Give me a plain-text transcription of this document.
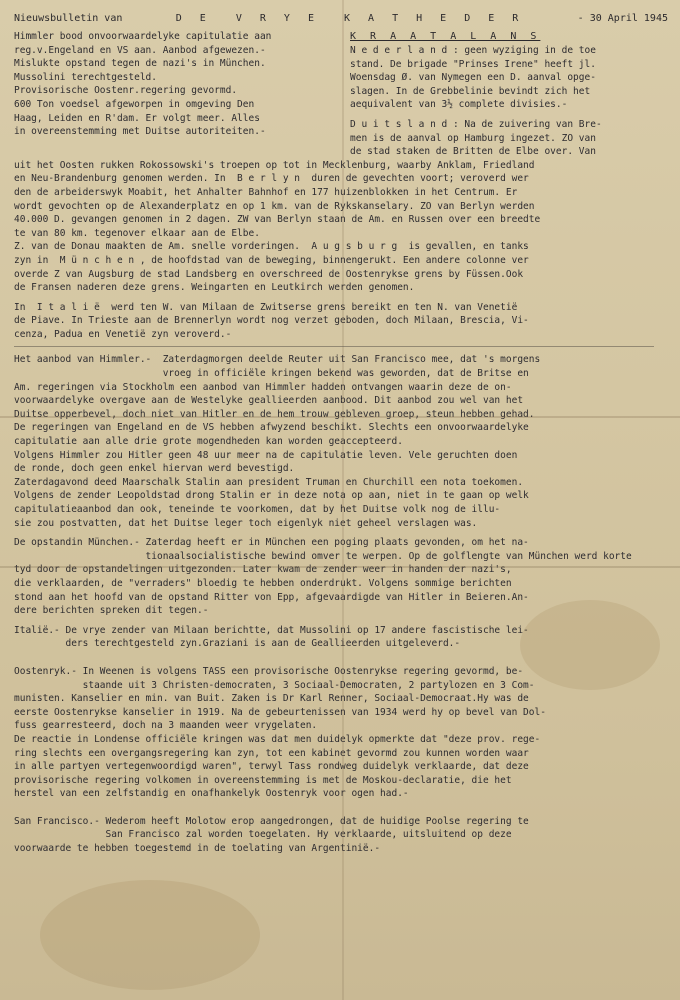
Nieuwsbulletin van	D E  V R Y E  K A T H E D E R	- 30 April 1945
Himmler bood onvoorwaardelyke capitulatie aan
reg.v.Engeland en VS aan. Aanbod afgewezen.-
Mislukte opstand tegen de nazi's in München.
Mussolini terechtgesteld.
Provisorische Oostenr.regering gevormd.
600 Ton voedsel afgeworpen in omgeving Den
Haag, Leiden en R'dam. Er volgt meer. Alles
in overeenstemming met Duitse autoriteiten.-
K R A A T A L A N S
N e d e r l a n d : geen wyziging in de toe
stand. De brigade "Prinses Irene" heeft jl.
Woensdag Ø. van Nymegen een D. aanval opge-
slagen. In de Grebbelinie bevindt zich het
aequivalent van 3½ complete divisies.-
D u i t s l a n d : Na de zuivering van Bre-
men is de aanval op Hamburg ingezet. ZO van
de stad staken de Britten de Elbe over. Van
uit het Oosten rukken Rokossowski's troepen op tot in Mecklenburg, waarby Anklam, Friedland
en Neu-Brandenburg genomen werden. In  B e r l y n  duren de gevechten voort; veroverd wer
den de arbeiderswyk Moabit, het Anhalter Bahnhof en 177 huizenblokken in het Centrum. Er
wordt gevochten op de Alexanderplatz en op 1 km. van de Rykskanselary. ZO van Berlyn werden
40.000 D. gevangen genomen in 2 dagen. ZW van Berlyn staan de Am. en Russen over een breedte
te van 80 km. tegenover elkaar aan de Elbe.
Z. van de Donau maakten de Am. snelle vorderingen.  A u g s b u r g  is gevallen, en tanks
zyn in  M ü n c h e n , de hoofdstad van de beweging, binnengerukt. Een andere colonne ver
overde Z van Augsburg de stad Landsberg en overschreed de Oostenrykse grens by Füssen.Ook
de Fransen naderen deze grens. Weingarten en Leutkirch werden genomen.
In  I t a l i ë  werd ten W. van Milaan de Zwitserse grens bereikt en ten N. van Venetië
de Piave. In Trieste aan de Brennerlyn wordt nog verzet geboden, doch Milaan, Brescia, Vi-
cenza, Padua en Venetië zyn veroverd.-
Het aanbod van Himmler.-  Zaterdagmorgen deelde Reuter uit San Francisco mee, dat 's morgens
vroeg in officiële kringen bekend was geworden, dat de Britse en
Am. regeringen via Stockholm een aanbod van Himmler hadden ontvangen waarin deze de on-
voorwaardelyke overgave aan de Westelyke geallieerden aanbood. Dit aanbod zou wel van het
Duitse opperbevel, doch niet van Hitler en de hem trouw gebleven groep, steun hebben gehad.
De regeringen van Engeland en de VS hebben afwyzend beschikt. Slechts een onvoorwaardelyke
capitulatie aan alle drie grote mogendheden kan worden geaccepteerd.
Volgens Himmler zou Hitler geen 48 uur meer na de capitulatie leven. Vele geruchten doen
de ronde, doch geen enkel hiervan werd bevestigd.
Zaterdagavond deed Maarschalk Stalin aan president Truman en Churchill een nota toekomen.
Volgens de zender Leopoldstad drong Stalin er in deze nota op aan, niet in te gaan op welk
capitulatieaanbod dan ook, teneinde te voorkomen, dat by het Duitse volk nog de illu-
sie zou postvatten, dat het Duitse leger toch eigenlyk niet geheel verslagen was.
De opstandin München.- Zaterdag heeft er in München een poging plaats gevonden, om het na-
tionaalsocialistische bewind omver te werpen. Op de golflengte van München werd korte
tyd door de opstandelingen uitgezonden. Later kwam de zender weer in handen der nazi's,
die verklaarden, de "verraders" bloedig te hebben onderdrukt. Volgens sommige berichten
stond aan het hoofd van de opstand Ritter von Epp, afgevaardigde van Hitler in Beieren.An-
dere berichten spreken dit tegen.-
Italië.- De vrye zender van Milaan berichtte, dat Mussolini op 17 andere fascistische lei-
ders terechtgesteld zyn.Graziani is aan de Geallieerden uitgeleverd.-
Oostenryk.- In Weenen is volgens TASS een provisorische Oostenrykse regering gevormd, be-
staande uit 3 Christen-democraten, 3 Sociaal-Democraten, 2 partylozen en 3 Com-
munisten. Kanselier en min. van Buit. Zaken is Dr Karl Renner, Sociaal-Democraat.Hy was de
eerste Oostenrykse kanselier in 1919. Na de gebeurtenissen van 1934 werd hy op bevel van Dol-
fuss gearresteerd, doch na 3 maanden weer vrygelaten.
De reactie in Londense officiële kringen was dat men duidelyk opmerkte dat "deze prov. rege-
ring slechts een overgangsregering kan zyn, tot een kabinet gevormd zou kunnen worden waar
in alle partyen vertegenwoordigd waren", terwyl Tass rondweg duidelyk verklaarde, dat deze
provisorische regering volkomen in overeenstemming is met de Moskou-declaratie, die het
herstel van een zelfstandig en onafhankelyk Oostenryk voor ogen had.-
San Francisco.- Wederom heeft Molotow erop aangedrongen, dat de huidige Poolse regering te
San Francisco zal worden toegelaten. Hy verklaarde, uitsluitend op deze
voorwaarde te hebben toegestemd in de toelating van Argentinië.-
